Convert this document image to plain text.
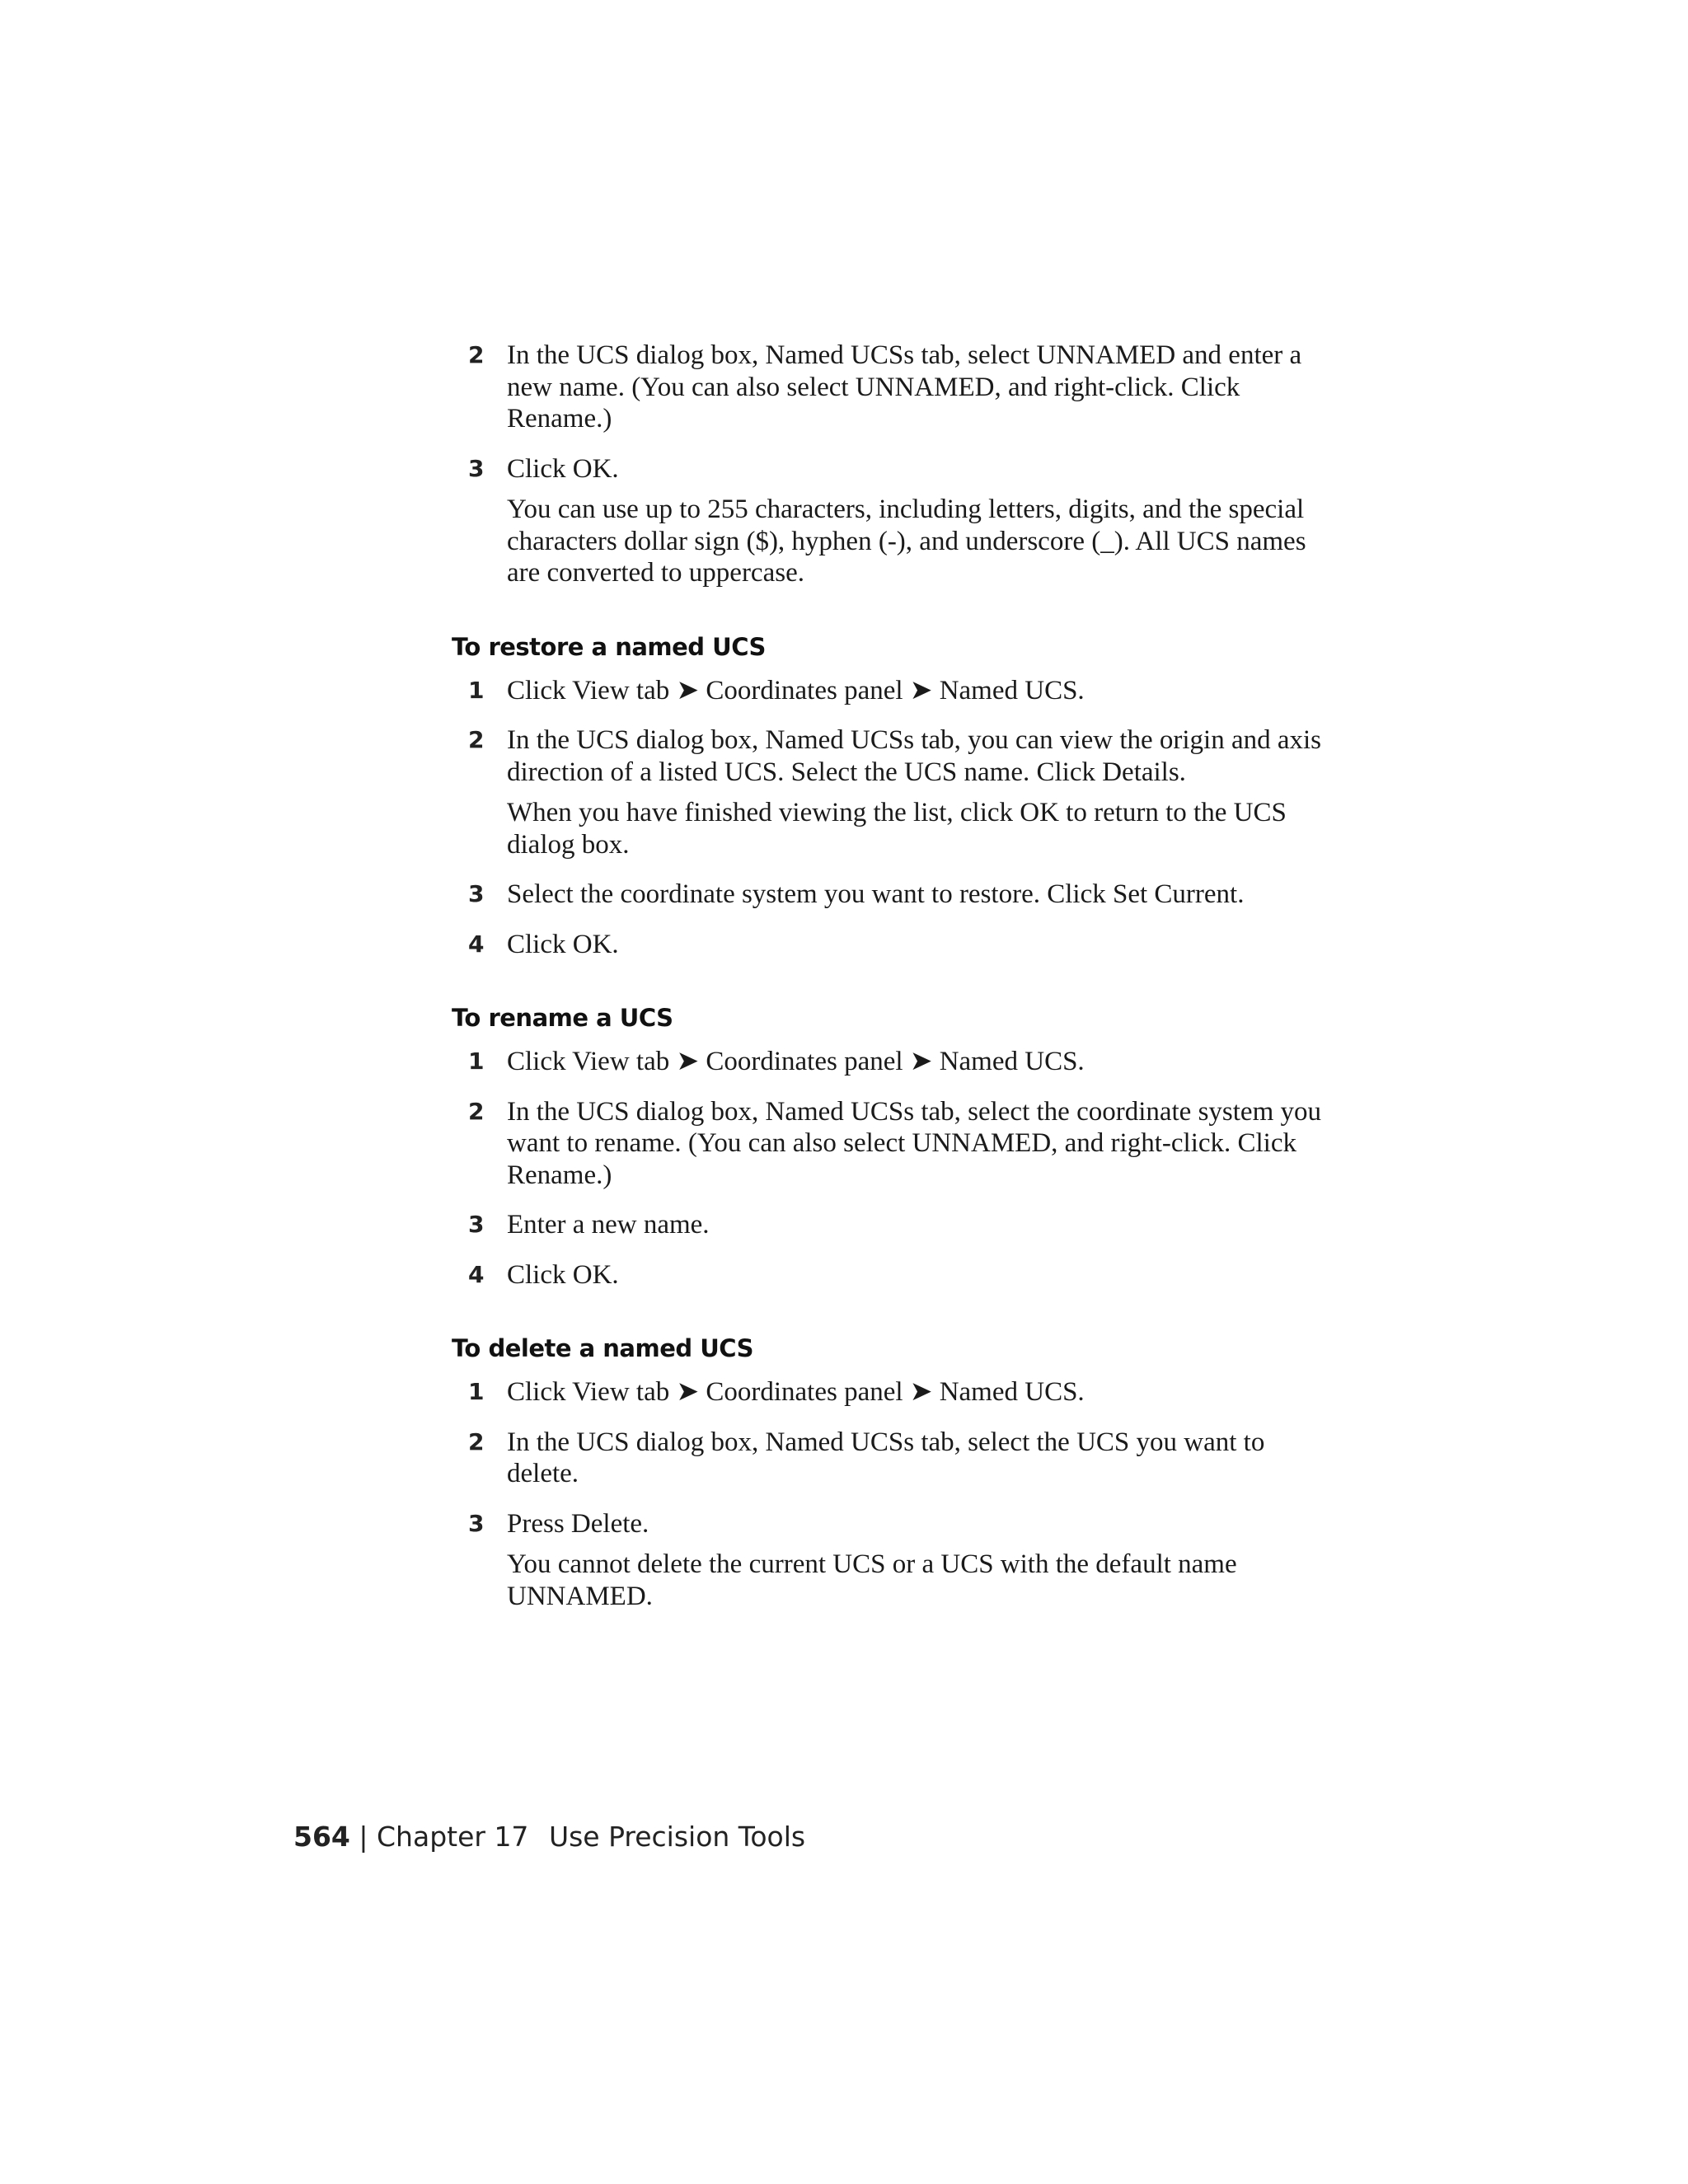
2 In the UCS dialog box, Named UCSs tab, select UNNAMED and enter a new name. (You can also select UNNAMED, and right-click. Click Rename.)
3 Click OK.
You can use up to 255 characters, including letters, digits, and the special characters dollar sign ($), hyphen (-), and underscore (_). All UCS names are converted to uppercase.
To restore a named UCS
1 Click View tab ➤ Coordinates panel ➤ Named UCS.
2 In the UCS dialog box, Named UCSs tab, you can view the origin and axis direction of a listed UCS. Select the UCS name. Click Details.
When you have finished viewing the list, click OK to return to the UCS dialog box.
3 Select the coordinate system you want to restore. Click Set Current.
4 Click OK.
To rename a UCS
1 Click View tab ➤ Coordinates panel ➤ Named UCS.
2 In the UCS dialog box, Named UCSs tab, select the coordinate system you want to rename. (You can also select UNNAMED, and right-click. Click Rename.)
3 Enter a new name.
4 Click OK.
To delete a named UCS
1 Click View tab ➤ Coordinates panel ➤ Named UCS.
2 In the UCS dialog box, Named UCSs tab, select the UCS you want to delete.
3 Press Delete.
You cannot delete the current UCS or a UCS with the default name UNNAMED.
564 | Chapter 17 Use Precision Tools
